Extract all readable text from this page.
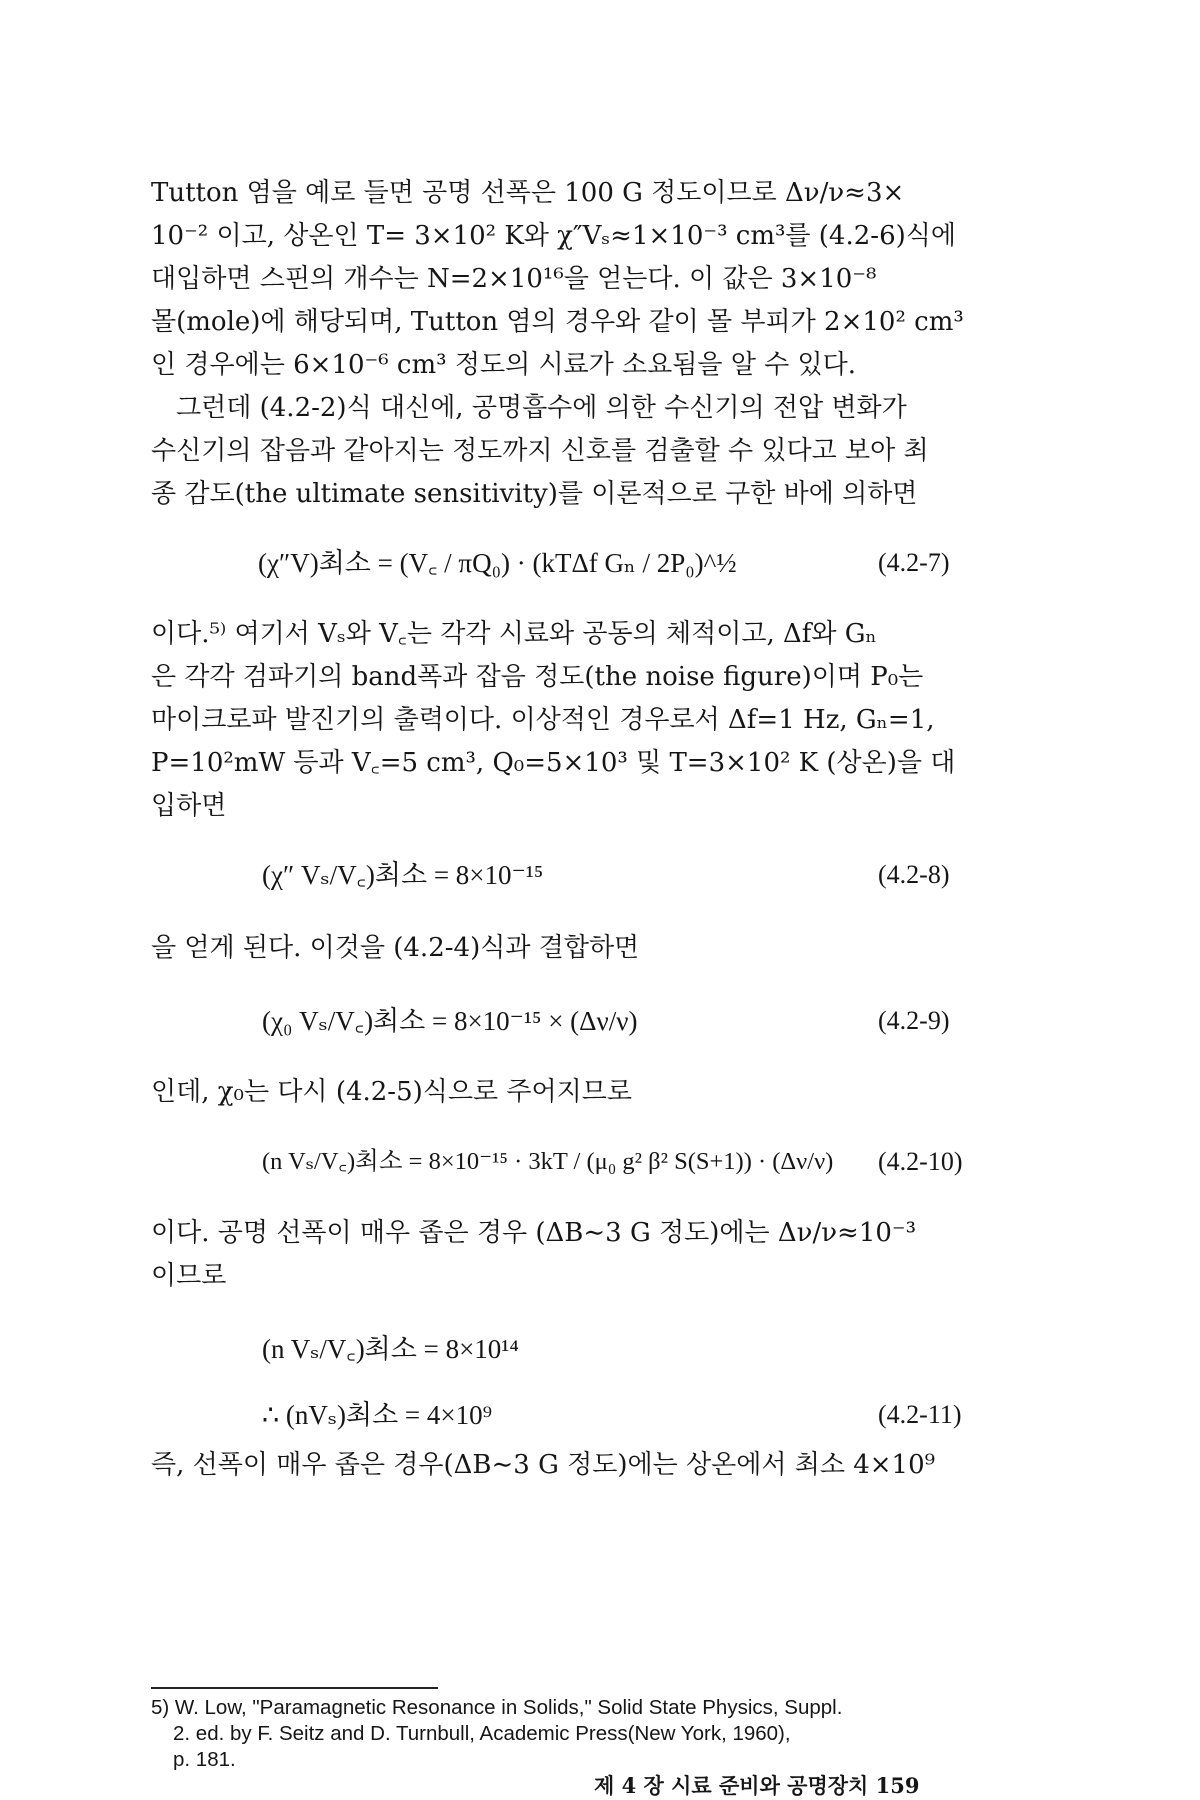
Tutton 염을 예로 들면 공명 선폭은 100 G 정도이므로 Δν/ν≈3×
10⁻² 이고, 상온인 T= 3×10² K와 χ″Vₛ≈1×10⁻³ cm³를 (4.2-6)식에
대입하면 스핀의 개수는 N=2×10¹⁶을 얻는다. 이 값은 3×10⁻⁸
몰(mole)에 해당되며, Tutton 염의 경우와 같이 몰 부피가 2×10² cm³
인 경우에는 6×10⁻⁶ cm³ 정도의 시료가 소요됨을 알 수 있다.
그런데 (4.2-2)식 대신에, 공명흡수에 의한 수신기의 전압 변화가
수신기의 잡음과 같아지는 정도까지 신호를 검출할 수 있다고 보아 최
종 감도(the ultimate sensitivity)를 이론적으로 구한 바에 의하면
(χ″V)최소 = (V꜀ / πQ₀) · (kTΔf Gₙ / 2P₀)^½	(4.2-7)
이다.⁵⁾ 여기서 Vₛ와 V꜀는 각각 시료와 공동의 체적이고, Δf와 Gₙ
은 각각 검파기의 band폭과 잡음 정도(the noise figure)이며 P₀는
마이크로파 발진기의 출력이다. 이상적인 경우로서 Δf=1 Hz, Gₙ=1,
P=10²mW 등과 V꜀=5 cm³, Q₀=5×10³ 및 T=3×10² K (상온)을 대
입하면
(χ″ Vₛ/V꜀)최소 = 8×10⁻¹⁵	(4.2-8)
을 얻게 된다. 이것을 (4.2-4)식과 결합하면
(χ₀ Vₛ/V꜀)최소 = 8×10⁻¹⁵ × (Δν/ν)	(4.2-9)
인데, χ₀는 다시 (4.2-5)식으로 주어지므로
(n Vₛ/V꜀)최소 = 8×10⁻¹⁵ · 3kT / (μ₀ g² β² S(S+1)) · (Δν/ν) (4.2-10)
이다. 공명 선폭이 매우 좁은 경우 (ΔB∼3 G 정도)에는 Δν/ν≈10⁻³
이므로
(n Vₛ/V꜀)최소 = 8×10¹⁴
∴ (nVₛ)최소 = 4×10⁹	(4.2-11)
즉, 선폭이 매우 좁은 경우(ΔB∼3 G 정도)에는 상온에서 최소 4×10⁹
5) W. Low, "Paramagnetic Resonance in Solids," Solid State Physics, Suppl.
2. ed. by F. Seitz and D. Turnbull, Academic Press(New York, 1960),
p. 181.
제 4 장 시료 준비와 공명장치 159
